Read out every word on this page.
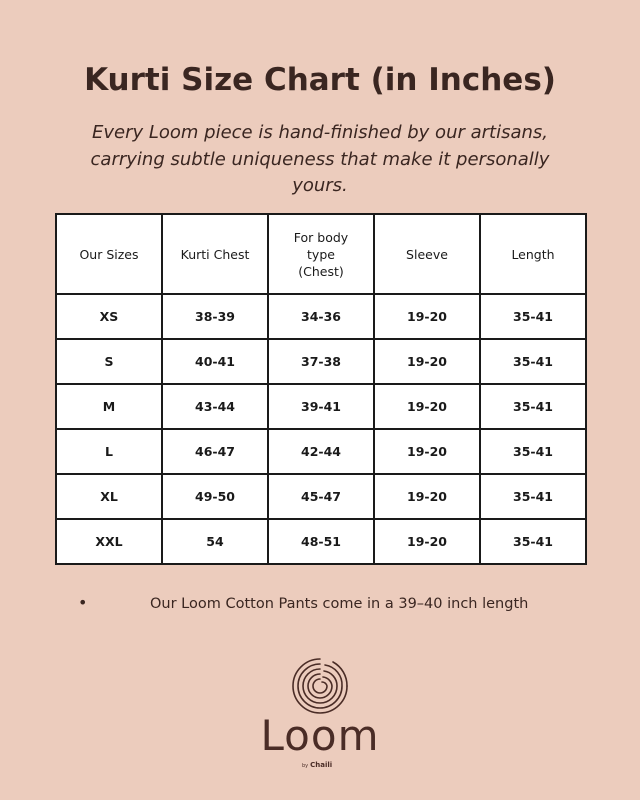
Kurti Size Chart (in Inches)
Every Loom piece is hand-finished by our artisans, carrying subtle uniqueness that make it personally yours.
Our Sizes	Kurti Chest	For body type (Chest)	Sleeve	Length
XS	38-39	34-36	19-20	35-41
S	40-41	37-38	19-20	35-41
M	43-44	39-41	19-20	35-41
L	46-47	42-44	19-20	35-41
XL	49-50	45-47	19-20	35-41
XXL	54	48-51	19-20	35-41
•	Our Loom Cotton Pants come in a 39–40 inch length
Loom
by Chaili
